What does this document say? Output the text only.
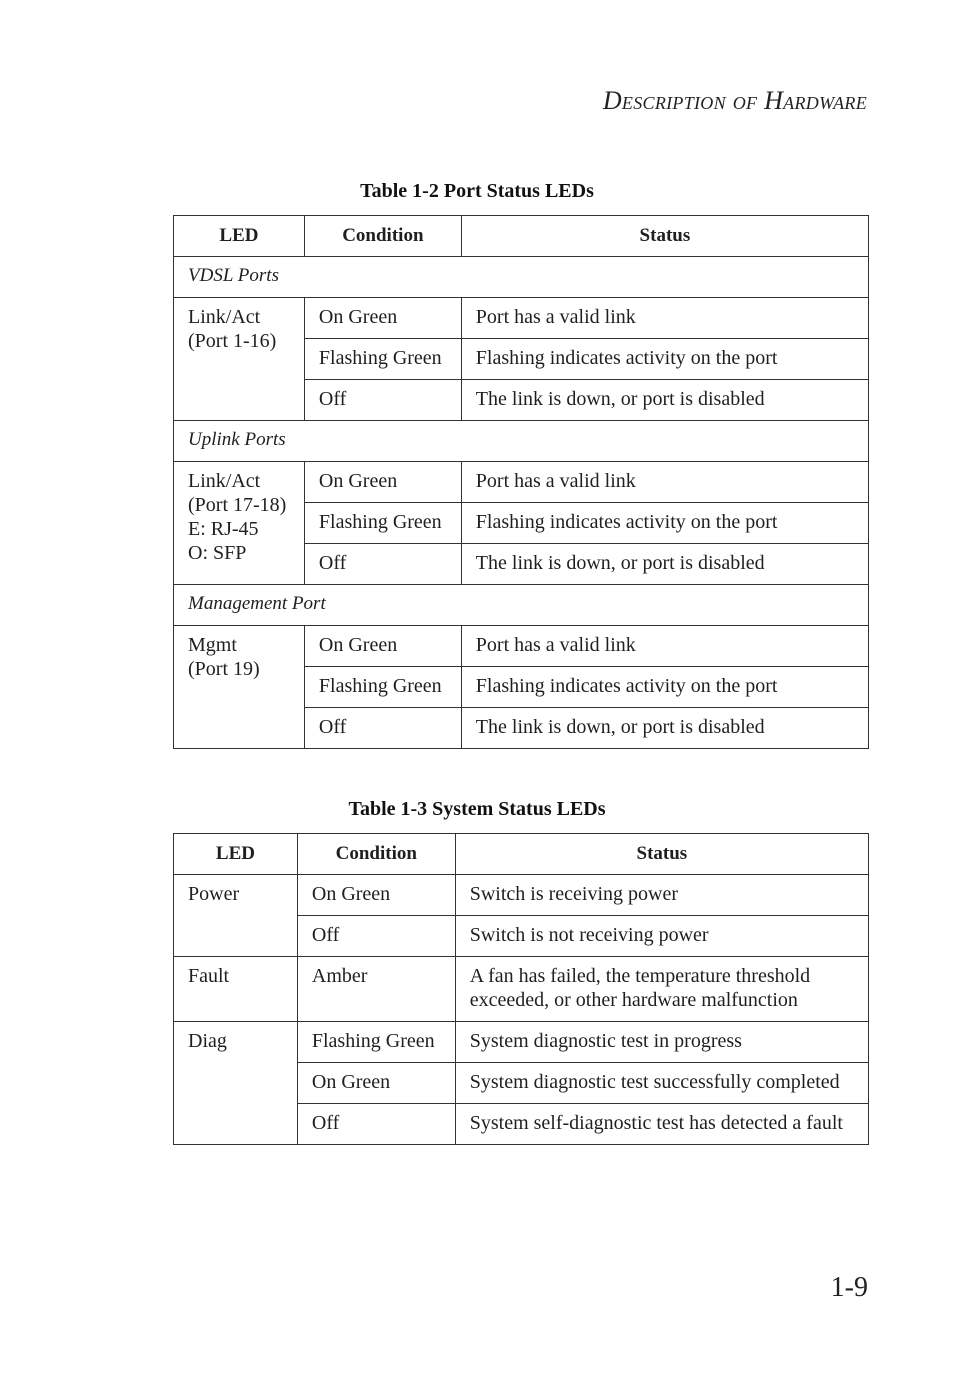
Description of Hardware
Table 1-2 Port Status LEDs
LED	Condition	Status
VDSL Ports		

Link/Act
(Port 1-16)	On Green	Port has a valid link
	Flashing Green	Flashing indicates activity on the port
	Off	The link is down, or port is disabled
Uplink Ports		

Link/Act
(Port 17-18)
E: RJ-45
O: SFP	On Green	Port has a valid link
	Flashing Green	Flashing indicates activity on the port
	Off	The link is down, or port is disabled
Management Port		

Mgmt
(Port 19)	On Green	Port has a valid link
	Flashing Green	Flashing indicates activity on the port
	Off	The link is down, or port is disabled
Table 1-3 System Status LEDs
LED	Condition	Status
Power	On Green	Switch is receiving power
	Off	Switch is not receiving power
Fault	Amber	A fan has failed, the temperature threshold
exceeded, or other hardware malfunction

Diag	Flashing Green	System diagnostic test in progress
	On Green	System diagnostic test successfully completed
	Off	System self-diagnostic test has detected a fault
1-9
